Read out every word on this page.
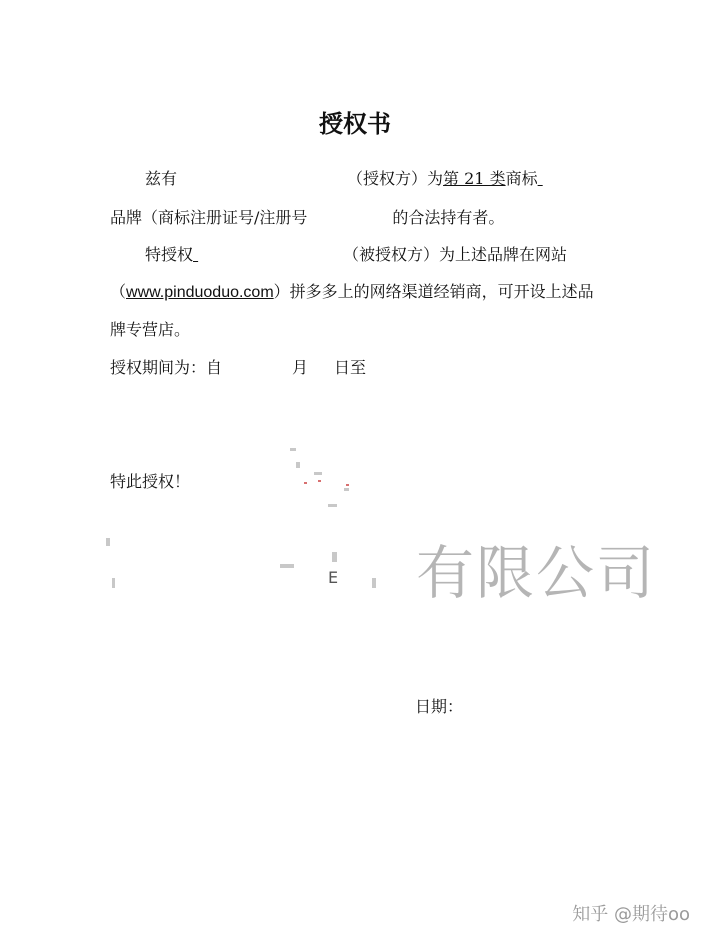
授权书
兹有	（授权方）为第 21 类商标
品牌（商标注册证号/注册号	的合法持有者。
特授权	（被授权方）为上述品牌在网站
（www.pinduoduo.com）拼多多上的网络渠道经销商，可开设上述品
牌专营店。
授权期间为：自	月 日至
特此授权！
E 有限公司
日期：
知乎 @期待oo
